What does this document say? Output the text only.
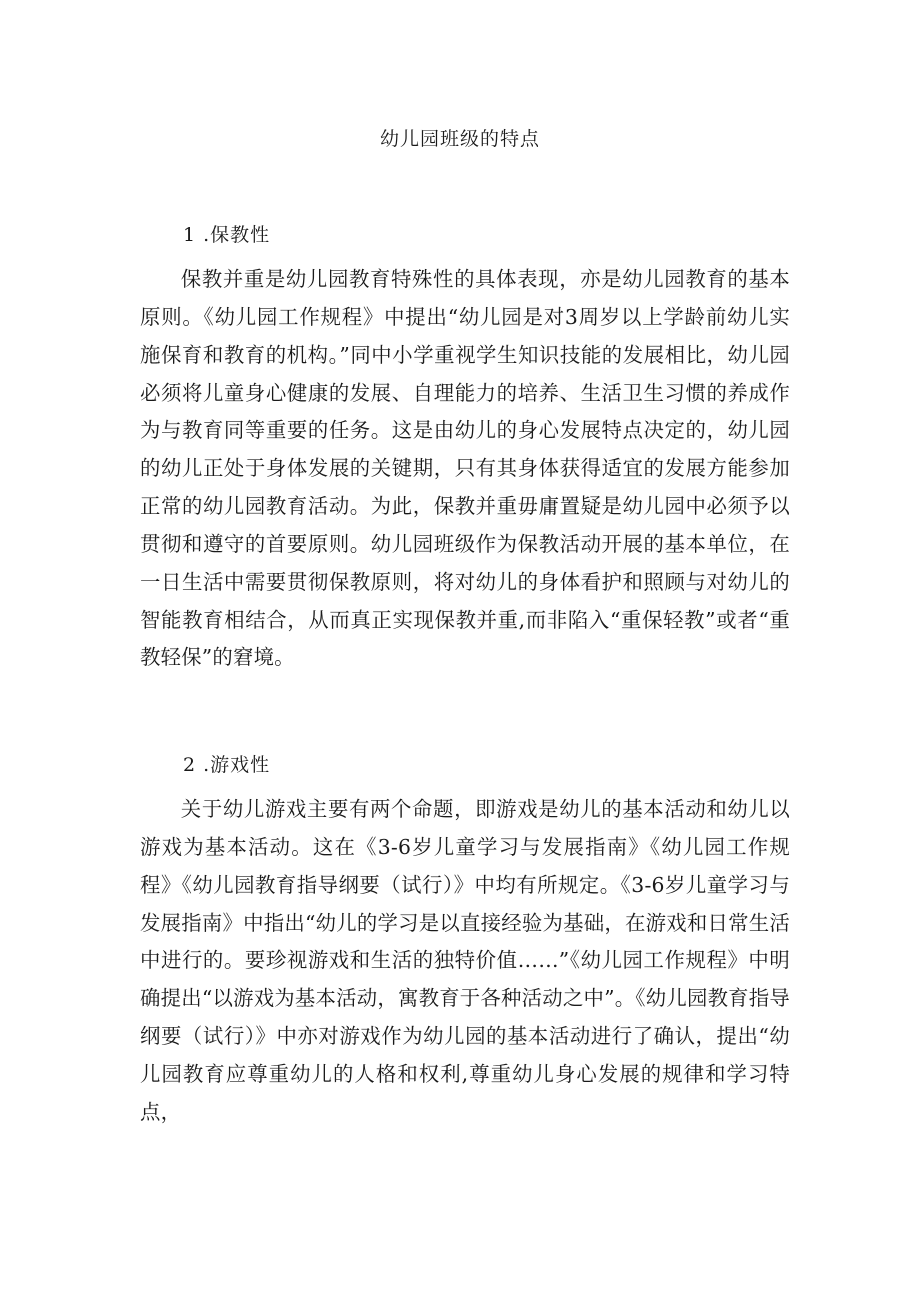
幼儿园班级的特点
1 .保教性

保教并重是幼儿园教育特殊性的具体表现，亦是幼儿园教育的基本原则。《幼儿园工作规程》中提出“幼儿园是对3周岁以上学龄前幼儿实施保育和教育的机构。”同中小学重视学生知识技能的发展相比，幼儿园必须将儿童身心健康的发展、自理能力的培养、生活卫生习惯的养成作为与教育同等重要的任务。这是由幼儿的身心发展特点决定的，幼儿园的幼儿正处于身体发展的关键期，只有其身体获得适宜的发展方能参加正常的幼儿园教育活动。为此，保教并重毋庸置疑是幼儿园中必须予以贯彻和遵守的首要原则。幼儿园班级作为保教活动开展的基本单位，在一日生活中需要贯彻保教原则，将对幼儿的身体看护和照顾与对幼儿的智能教育相结合，从而真正实现保教并重,而非陷入“重保轻教”或者“重教轻保”的窘境。

2 .游戏性

关于幼儿游戏主要有两个命题，即游戏是幼儿的基本活动和幼儿以游戏为基本活动。这在《3-6岁儿童学习与发展指南》《幼儿园工作规程》《幼儿园教育指导纲要（试行）》中均有所规定。《3-6岁儿童学习与发展指南》中指出“幼儿的学习是以直接经验为基础，在游戏和日常生活中进行的。要珍视游戏和生活的独特价值……”《幼儿园工作规程》中明确提出“以游戏为基本活动，寓教育于各种活动之中”。《幼儿园教育指导纲要（试行）》中亦对游戏作为幼儿园的基本活动进行了确认，提出“幼儿园教育应尊重幼儿的人格和权利,尊重幼儿身心发展的规律和学习特点，
